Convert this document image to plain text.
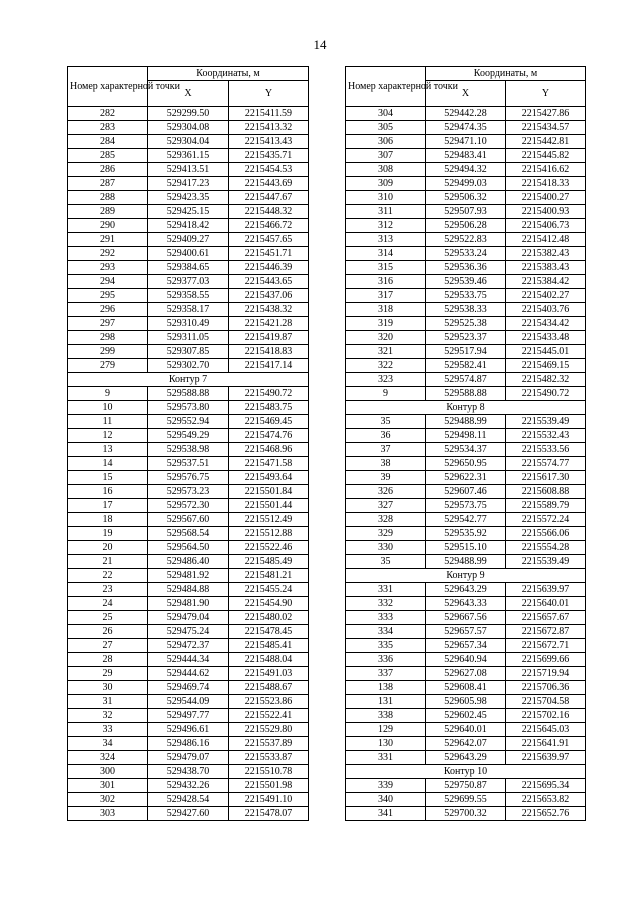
14
Номер характерной точки	Координаты, м	
	X	Y
282	529299.50	2215411.59
283	529304.08	2215413.32
284	529304.04	2215413.43
285	529361.15	2215435.71
286	529413.51	2215454.53
287	529417.23	2215443.69
288	529423.35	2215447.67
289	529425.15	2215448.32
290	529418.42	2215466.72
291	529409.27	2215457.65
292	529400.61	2215451.71
293	529384.65	2215446.39
294	529377.03	2215443.65
295	529358.55	2215437.06
296	529358.17	2215438.32
297	529310.49	2215421.28
298	529311.05	2215419.87
299	529307.85	2215418.83
279	529302.70	2215417.14
Контур 7		
9	529588.88	2215490.72
10	529573.80	2215483.75
11	529552.94	2215469.45
12	529549.29	2215474.76
13	529538.98	2215468.96
14	529537.51	2215471.58
15	529576.75	2215493.64
16	529573.23	2215501.84
17	529572.30	2215501.44
18	529567.60	2215512.49
19	529568.54	2215512.88
20	529564.50	2215522.46
21	529486.40	2215485.49
22	529481.92	2215481.21
23	529484.88	2215455.24
24	529481.90	2215454.90
25	529479.04	2215480.02
26	529475.24	2215478.45
27	529472.37	2215485.41
28	529444.34	2215488.04
29	529444.62	2215491.03
30	529469.74	2215488.67
31	529544.09	2215523.86
32	529497.77	2215522.41
33	529496.61	2215529.80
34	529486.16	2215537.89
324	529479.07	2215533.87
300	529438.70	2215510.78
301	529432.26	2215501.98
302	529428.54	2215491.10
303	529427.60	2215478.07
Номер характерной точки	Координаты, м	
	X	Y
304	529442.28	2215427.86
305	529474.35	2215434.57
306	529471.10	2215442.81
307	529483.41	2215445.82
308	529494.32	2215416.62
309	529499.03	2215418.33
310	529506.32	2215400.27
311	529507.93	2215400.93
312	529506.28	2215406.73
313	529522.83	2215412.48
314	529533.24	2215382.43
315	529536.36	2215383.43
316	529539.46	2215384.42
317	529533.75	2215402.27
318	529538.33	2215403.76
319	529525.38	2215434.42
320	529523.37	2215433.48
321	529517.94	2215445.01
322	529582.41	2215469.15
323	529574.87	2215482.32
9	529588.88	2215490.72
Контур 8		
35	529488.99	2215539.49
36	529498.11	2215532.43
37	529534.37	2215533.56
38	529650.95	2215574.77
39	529622.31	2215617.30
326	529607.46	2215608.88
327	529573.75	2215589.79
328	529542.77	2215572.24
329	529535.92	2215566.06
330	529515.10	2215554.28
35	529488.99	2215539.49
Контур 9		
331	529643.29	2215639.97
332	529643.33	2215640.01
333	529667.56	2215657.67
334	529657.57	2215672.87
335	529657.34	2215672.71
336	529640.94	2215699.66
337	529627.08	2215719.94
138	529608.41	2215706.36
131	529605.98	2215704.58
338	529602.45	2215702.16
129	529640.01	2215645.03
130	529642.07	2215641.91
331	529643.29	2215639.97
Контур 10		
339	529750.87	2215695.34
340	529699.55	2215653.82
341	529700.32	2215652.76
